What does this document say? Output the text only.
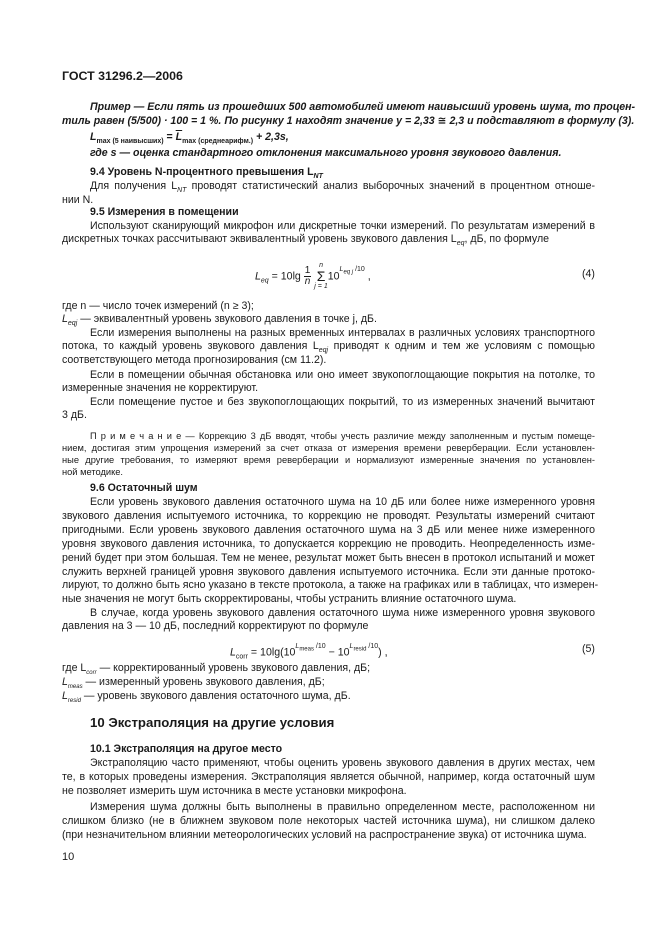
ГОСТ 31296.2—2006
Пример — Если пять из прошедших 500 автомобилей имеют наивысший уровень шума, то процен-
тиль равен (5/500) · 100 = 1 %. По рисунку 1 находят значение y = 2,33 ≅ 2,3 и подставляют в формулу (3).
$L_{max (5 наивысших)} = \overline{L}_{max (среднеарифм.)} + 2,3s$,
где s — оценка стандартного отклонения максимального уровня звукового давления.
9.4 Уровень N-процентного превышения $L_{NT}$
Для получения $L_{NT}$ проводят статистический анализ выборочных значений в процентном отноше-
нии N.
9.5 Измерения в помещении
Используют сканирующий микрофон или дискретные точки измерений. По результатам измерений в
дискретных точках рассчитывают эквивалентный уровень звукового давления $L_{eq}$, дБ, по формуле
$L_{eq} = 10\lg \frac{1}{n}$
n
Σ
$j = 110^{L_{eq j} /10}$ ,	(4)
где n — число точек измерений (n ≥ 3);
$L_{eqj}$ — эквивалентный уровень звукового давления в точке j, дБ.
Если измерения выполнены на разных временных интервалах в различных условиях транспортного
потока, то каждый уровень звукового давления $L_{eqj}$ приводят к одним и тем же условиям с помощью
соответствующего метода прогнозирования (см 11.2).
Если в помещении обычная обстановка или оно имеет звукопоглощающие покрытия на потолке, то
измеренные значения не корректируют.
Если помещение пустое и без звукопоглощающих покрытий, то из измеренных значений вычитают
3 дБ.
П р и м е ч а н и е — Коррекцию 3 дБ вводят, чтобы учесть различие между заполненным и пустым помеще-
нием, достигая этим упрощения измерений за счет отказа от измерения времени реверберации. Если установлен-
ные другие требования, то измеряют время реверберации и нормализуют измеренные значения по установлен-
ной методике.
9.6 Остаточный шум
Если уровень звукового давления остаточного шума на 10 дБ или более ниже измеренного уровня
звукового давления испытуемого источника, то коррекцию не проводят. Результаты измерений считают
пригодными. Если уровень звукового давления остаточного шума на 3 дБ или менее ниже измеренного
уровня звукового давления источника, то допускается коррекцию не проводить. Неопределенность изме-
рений будет при этом большая. Тем не менее, результат может быть внесен в протокол испытаний и может
служить верхней границей уровня звукового давления испытуемого источника. Если эти данные протоко-
лируют, то должно быть ясно указано в тексте протокола, а также на графиках или в таблицах, что измерен-
ные значения не могут быть скорректированы, чтобы устранить влияние остаточного шума.
В случае, когда уровень звукового давления остаточного шума ниже измеренного уровня звукового
давления на 3 — 10 дБ, последний корректируют по формуле
$L_{corr} = 10\lg(10^{L_{meas} /10} - 10^{L_{resid} /10})$ ,	(5)
где $L_{corr}$ — корректированный уровень звукового давления, дБ;
$L_{meas}$ — измеренный уровень звукового давления, дБ;
$L_{resid}$ — уровень звукового давления остаточного шума, дБ.
10 Экстраполяция на другие условия
10.1 Экстраполяция на другое место
Экстраполяцию часто применяют, чтобы оценить уровень звукового давления в других местах, чем
те, в которых проведены измерения. Экстраполяция является обычной, например, когда остаточный шум
не позволяет измерить шум источника в месте установки микрофона.
Измерения шума должны быть выполнены в правильно определенном месте, расположенном ни
слишком близко (не в ближнем звуковом поле некоторых частей источника шума), ни слишком далеко
(при незначительном влиянии метеорологических условий на распространение звука) от источника шума.
10
